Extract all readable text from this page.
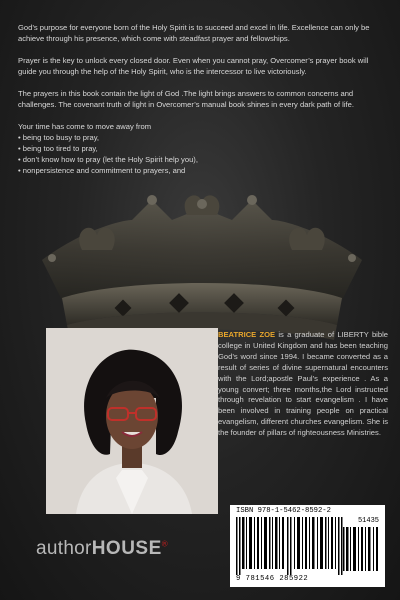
God’s purpose for everyone born of the Holy Spirit is to succeed and excel in life. Excellence can only be achieve through his presence, which come with steadfast prayer and fellowships.

Prayer is the key to unlock every closed door. Even when you cannot pray, Overcomer’s prayer book will guide you through the help of the Holy Spirit, who is the intercessor to live victoriously.

The prayers in this book contain the light of God .The light brings answers to common concerns and challenges. The covenant truth of light in Overcomer’s manual book shines in every dark path of life.

Your time has come to move away from
• being too busy to pray,
• being too tired to pray,
• don’t know how to pray (let the Holy Spirit help you),
• nonpersistence and commitment to prayers, and
BEATRICE ZOE is a graduate of LIBERTY bible college in United Kingdom and has been teaching God’s word since 1994. I became converted as a result of series of divine supernatural encounters with the Lord;apostle Paul’s experience . As a young convert; three months,the Lord instructed through revelation to start evangelism . I have been involved in training people on practical evangelism, different churches evangelism. She is the founder of pillars of righteousness Ministries.
ISBN 978-1-5462-8592-2
51435
9 781546 285922
authorHOUSE®
